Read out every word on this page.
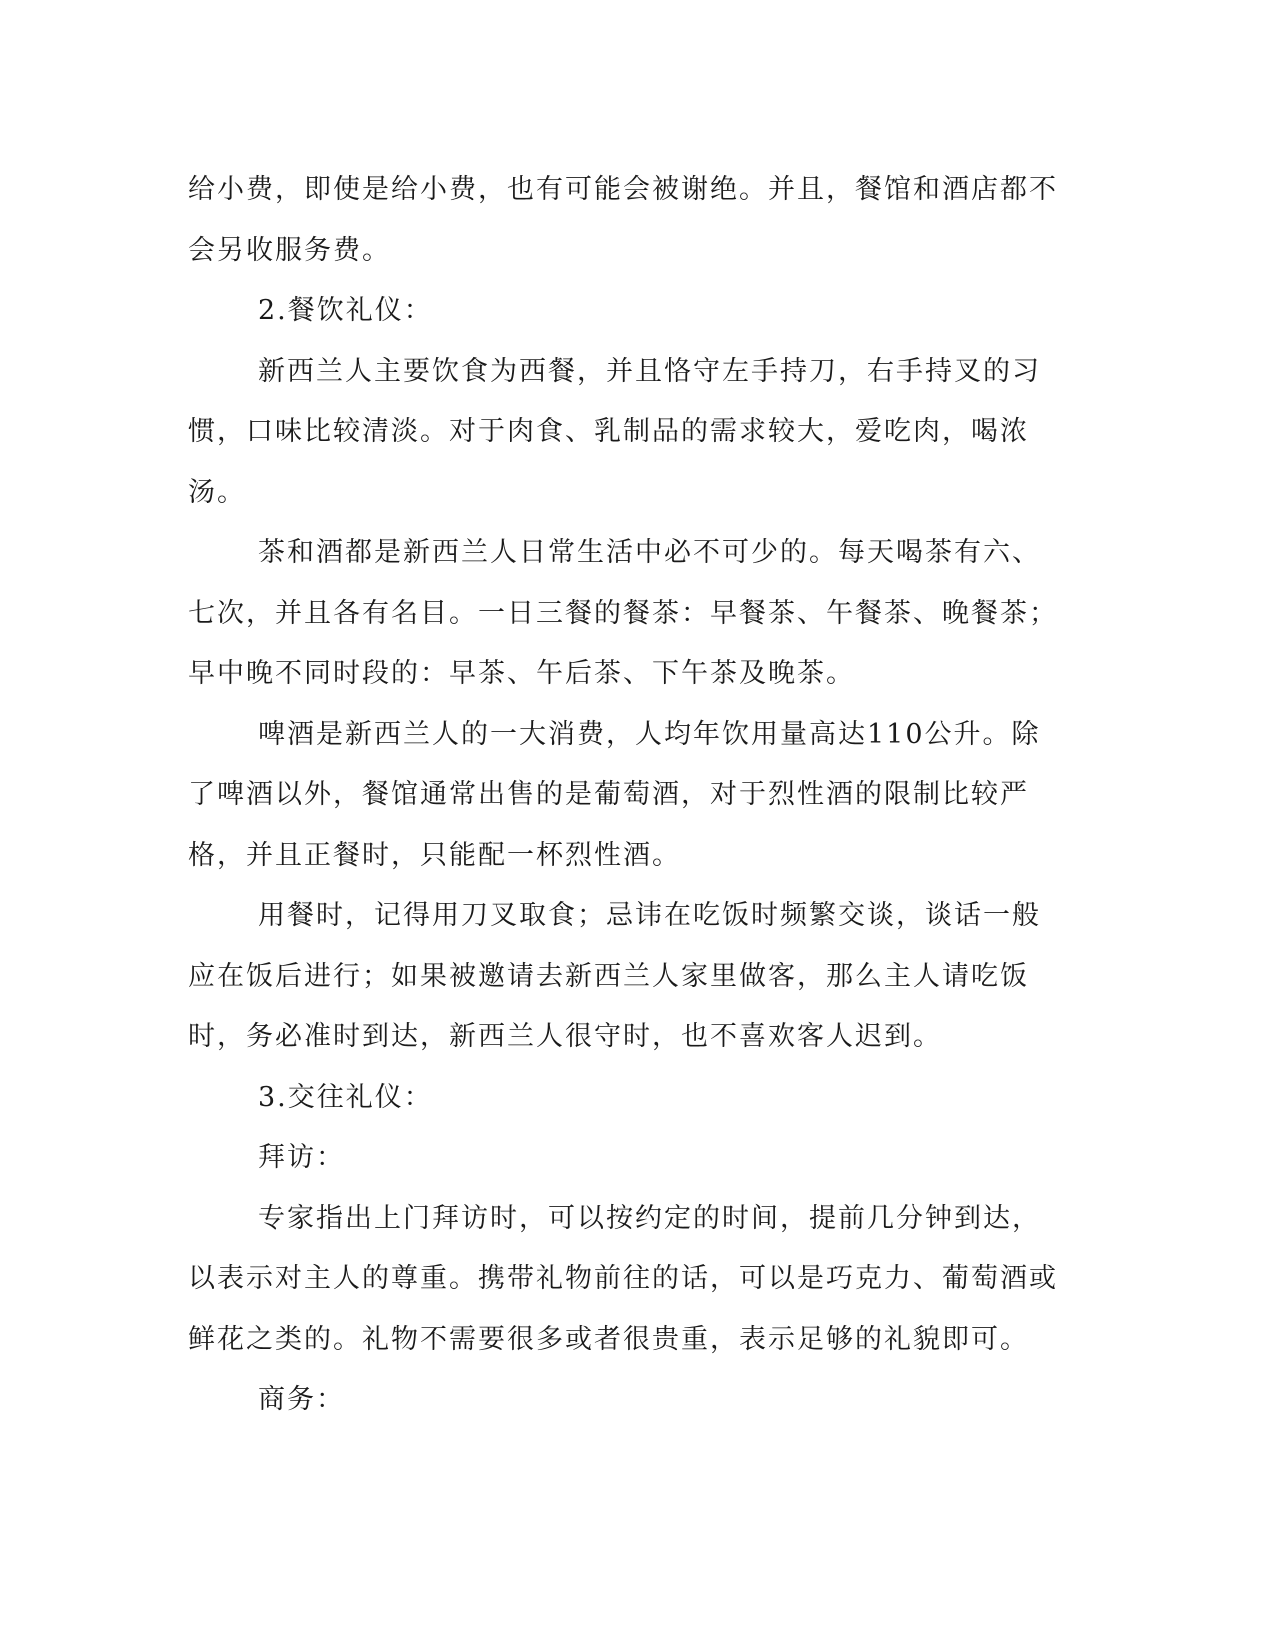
给小费，即使是给小费，也有可能会被谢绝。并且，餐馆和酒店都不会另收服务费。

2.餐饮礼仪：

新西兰人主要饮食为西餐，并且恪守左手持刀，右手持叉的习惯，口味比较清淡。对于肉食、乳制品的需求较大，爱吃肉，喝浓汤。

茶和酒都是新西兰人日常生活中必不可少的。每天喝茶有六、七次，并且各有名目。一日三餐的餐茶：早餐茶、午餐茶、晚餐茶；早中晚不同时段的：早茶、午后茶、下午茶及晚茶。

啤酒是新西兰人的一大消费，人均年饮用量高达110公升。除了啤酒以外，餐馆通常出售的是葡萄酒，对于烈性酒的限制比较严格，并且正餐时，只能配一杯烈性酒。

用餐时，记得用刀叉取食；忌讳在吃饭时频繁交谈，谈话一般应在饭后进行；如果被邀请去新西兰人家里做客，那么主人请吃饭时，务必准时到达，新西兰人很守时，也不喜欢客人迟到。

3.交往礼仪：

拜访：

专家指出上门拜访时，可以按约定的时间，提前几分钟到达，以表示对主人的尊重。携带礼物前往的话，可以是巧克力、葡萄酒或鲜花之类的。礼物不需要很多或者很贵重，表示足够的礼貌即可。

商务：
